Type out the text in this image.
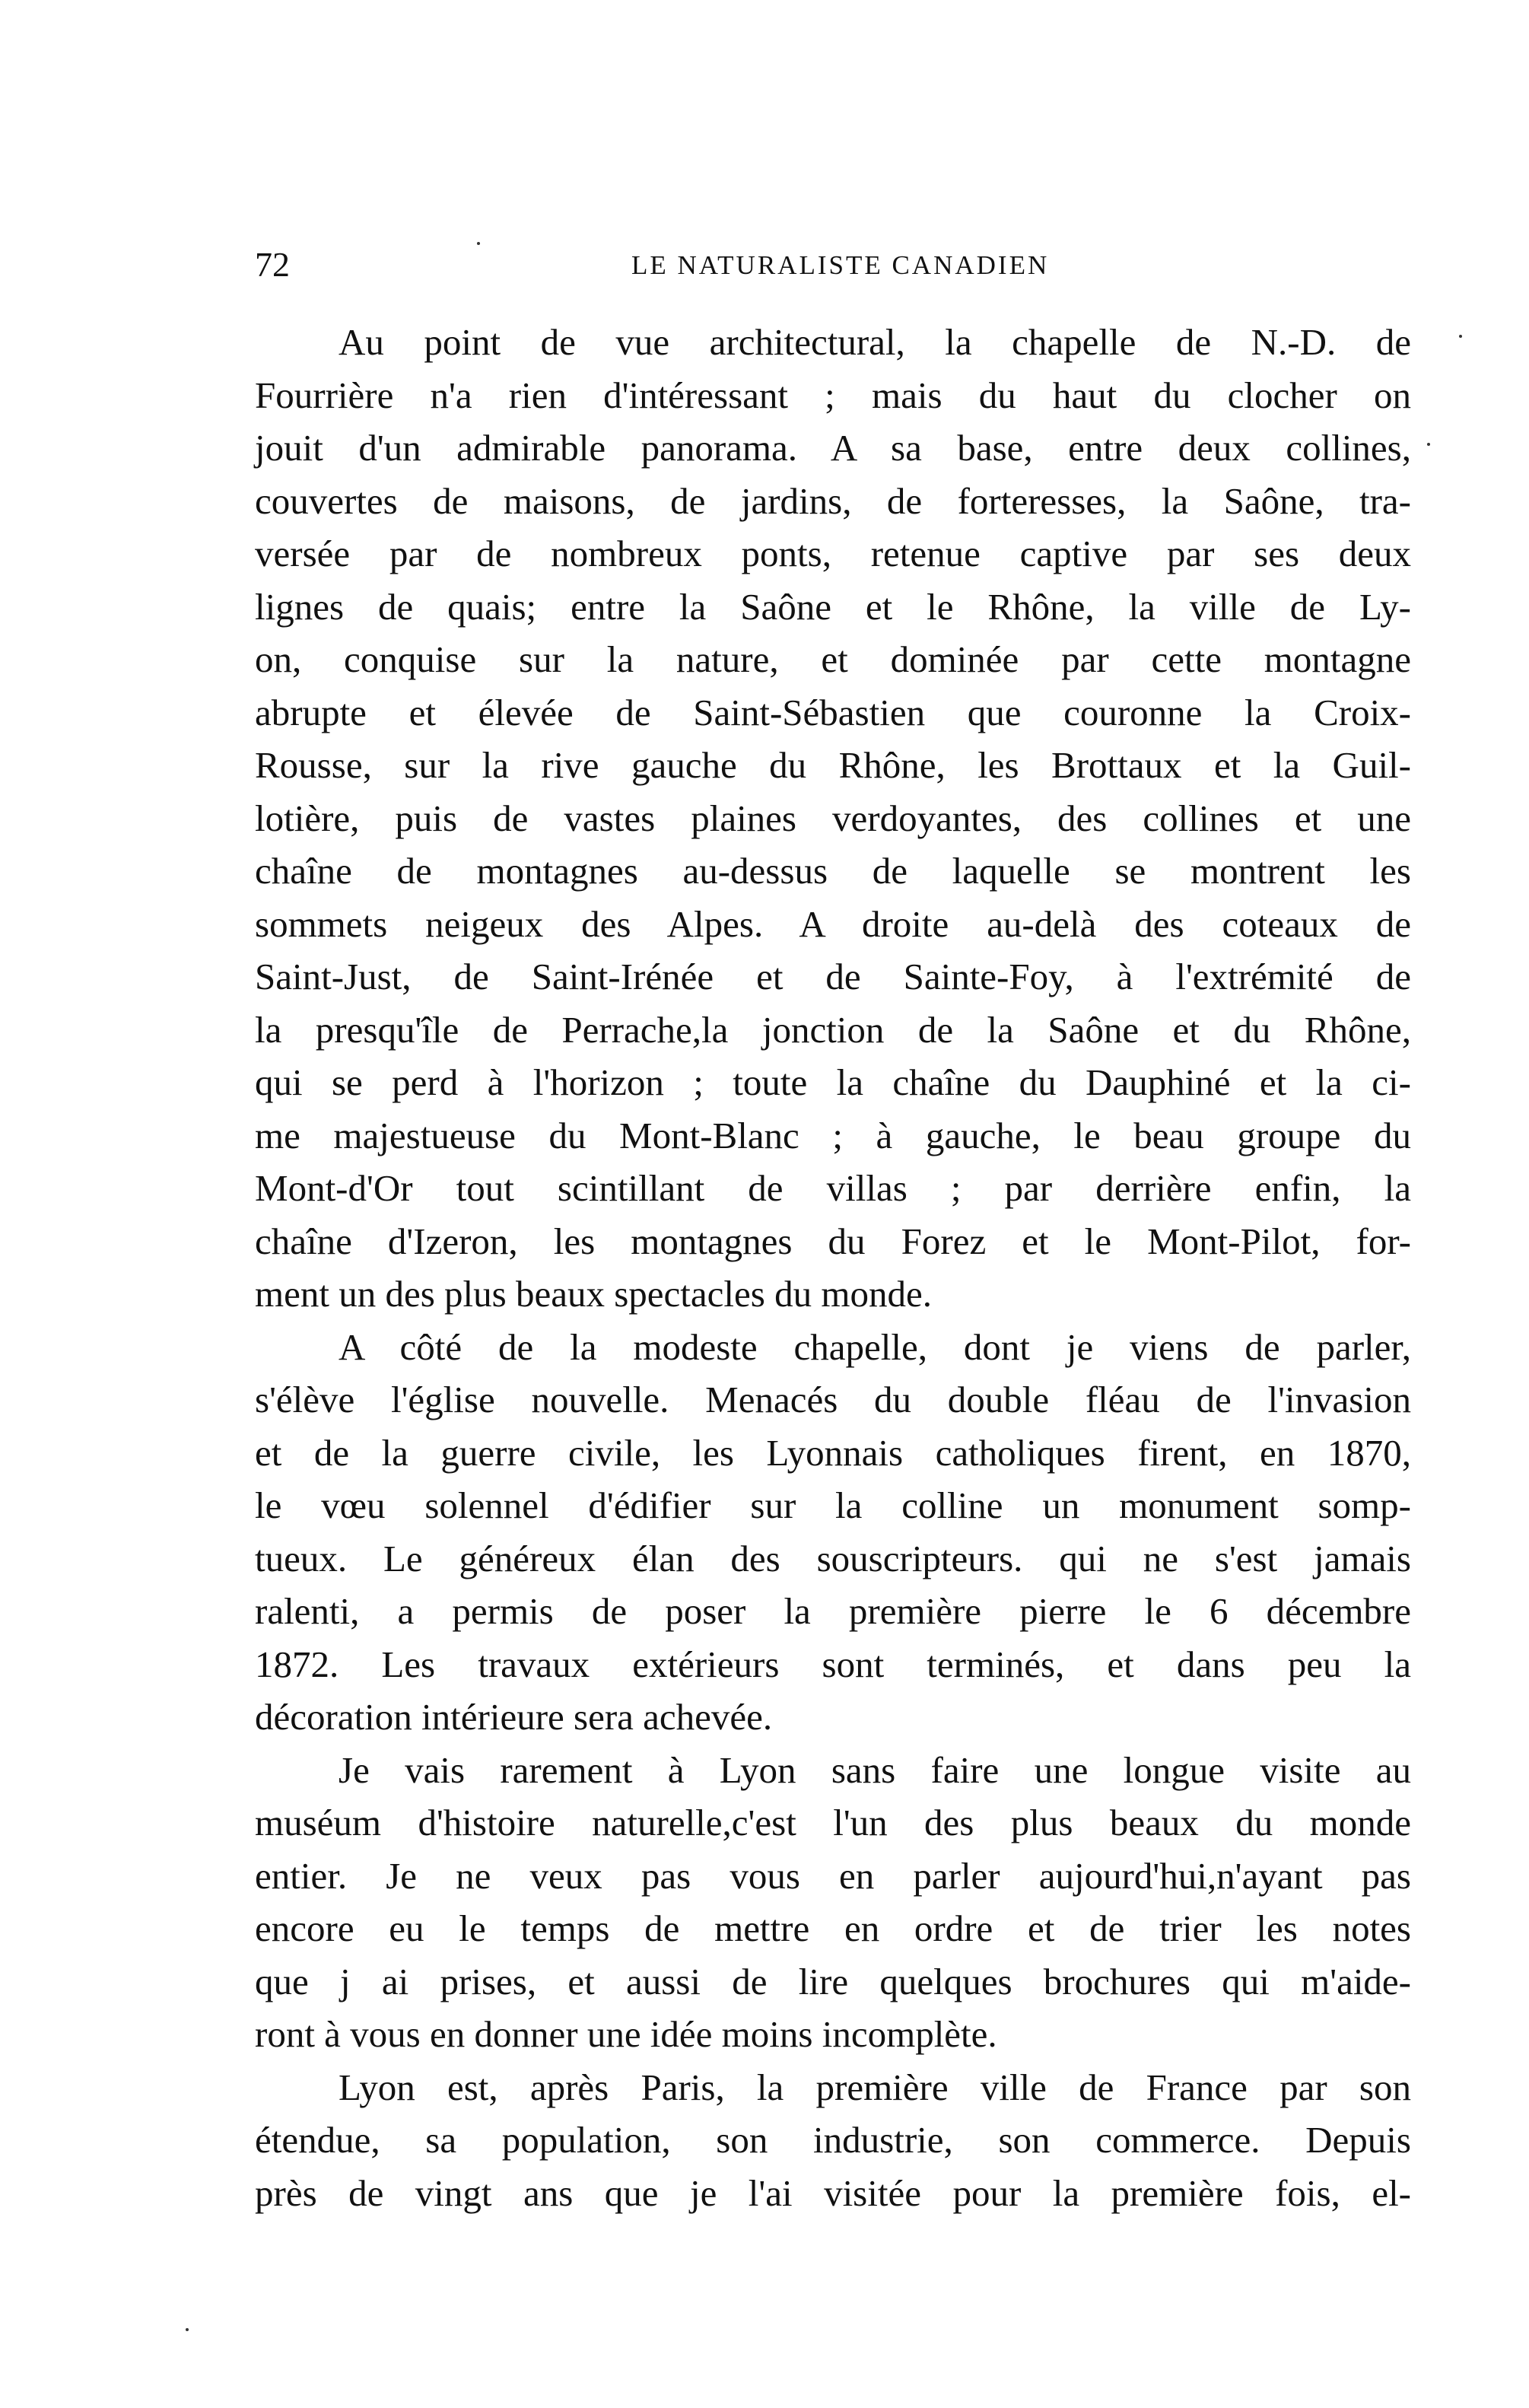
72	LE NATURALISTE CANADIEN
Au point de vue architectural, la chapelle de N.-D. de
Fourrière n'a rien d'intéressant ; mais du haut du clocher on
jouit d'un admirable panorama. A sa base, entre deux collines,
couvertes de maisons, de jardins, de forteresses, la Saône, tra-
versée par de nombreux ponts, retenue captive par ses deux
lignes de quais; entre la Saône et le Rhône, la ville de Ly-
on, conquise sur la nature, et dominée par cette montagne
abrupte et élevée de Saint-Sébastien que couronne la Croix-
Rousse, sur la rive gauche du Rhône, les Brottaux et la Guil-
lotière, puis de vastes plaines verdoyantes, des collines et une
chaîne de montagnes au-dessus de laquelle se montrent les
sommets neigeux des Alpes. A droite au-delà des coteaux de
Saint-Just, de Saint-Irénée et de Sainte-Foy, à l'extrémité de
la presqu'île de Perrache,la jonction de la Saône et du Rhône,
qui se perd à l'horizon ; toute la chaîne du Dauphiné et la ci-
me majestueuse du Mont-Blanc ; à gauche, le beau groupe du
Mont-d'Or tout scintillant de villas ; par derrière enfin, la
chaîne d'Izeron, les montagnes du Forez et le Mont-Pilot, for-
ment un des plus beaux spectacles du monde.
A côté de la modeste chapelle, dont je viens de parler,
s'élève l'église nouvelle. Menacés du double fléau de l'invasion
et de la guerre civile, les Lyonnais catholiques firent, en 1870,
le vœu solennel d'édifier sur la colline un monument somp-
tueux. Le généreux élan des souscripteurs. qui ne s'est jamais
ralenti, a permis de poser la première pierre le 6 décembre
1872. Les travaux extérieurs sont terminés, et dans peu la
décoration intérieure sera achevée.
Je vais rarement à Lyon sans faire une longue visite au
muséum d'histoire naturelle,c'est l'un des plus beaux du monde
entier. Je ne veux pas vous en parler aujourd'hui,n'ayant pas
encore eu le temps de mettre en ordre et de trier les notes
que j ai prises, et aussi de lire quelques brochures qui m'aide-
ront à vous en donner une idée moins incomplète.
Lyon est, après Paris, la première ville de France par son
étendue, sa population, son industrie, son commerce. Depuis
près de vingt ans que je l'ai visitée pour la première fois, el-
